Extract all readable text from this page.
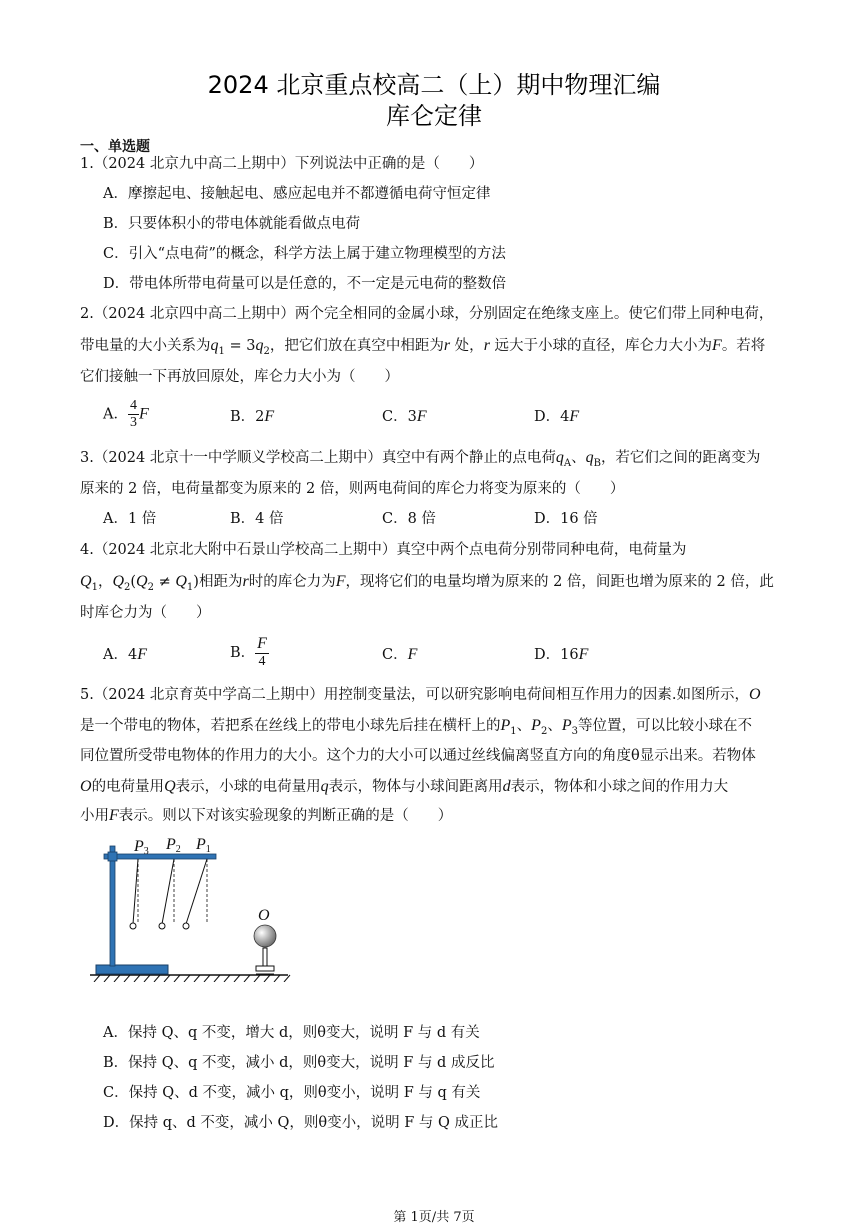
2024 北京重点校高二（上）期中物理汇编
库仑定律
一、单选题
1.（2024 北京九中高二上期中）下列说法中正确的是（　　）
A．摩擦起电、接触起电、感应起电并不都遵循电荷守恒定律
B．只要体积小的带电体就能看做点电荷
C．引入“点电荷”的概念，科学方法上属于建立物理模型的方法
D．带电体所带电荷量可以是任意的，不一定是元电荷的整数倍
2.（2024 北京四中高二上期中）两个完全相同的金属小球，分别固定在绝缘支座上。使它们带上同种电荷，
带电量的大小关系为$q_1 = 3q_2$，把它们放在真空中相距为r 处，r 远大于小球的直径，库仑力大小为F。若将
它们接触一下再放回原处，库仑力大小为（　　）
A． $\frac{4}{3}$ F	B．2F	C．3F	D．4F
3.（2024 北京十一中学顺义学校高二上期中）真空中有两个静止的点电荷$q_A$、$q_B$，若它们之间的距离变为
原来的 2 倍，电荷量都变为原来的 2 倍，则两电荷间的库仑力将变为原来的（　　）
A．1 倍	B．4 倍	C．8 倍	D．16 倍
4.（2024 北京北大附中石景山学校高二上期中）真空中两个点电荷分别带同种电荷，电荷量为
$Q_1$，$Q_2(Q_2 \ne Q_1)$相距为r时的库仑力为F，现将它们的电量均增为原来的 2 倍，间距也增为原来的 2 倍，此
时库仑力为（　　）
A．4F	B． $\frac{F}{4}$	C．F	D．16F
5.（2024 北京育英中学高二上期中）用控制变量法，可以研究影响电荷间相互作用力的因素.如图所示，O
是一个带电的物体，若把系在丝线上的带电小球先后挂在横杆上的$P_1$、$P_2$、$P_3$等位置，可以比较小球在不
同位置所受带电物体的作用力的大小。这个力的大小可以通过丝线偏离竖直方向的角度θ显示出来。若物体
O的电荷量用Q表示，小球的电荷量用q表示，物体与小球间距离用d表示，物体和小球之间的作用力大
小用F表示。则以下对该实验现象的判断正确的是（　　）
P3 P2 P1
O
A．保持 Q、q 不变，增大 d，则θ变大，说明 F 与 d 有关
B．保持 Q、q 不变，减小 d，则θ变大，说明 F 与 d 成反比
C．保持 Q、d 不变，减小 q，则θ变小，说明 F 与 q 有关
D．保持 q、d 不变，减小 Q，则θ变小，说明 F 与 Q 成正比
第 1页/共 7页
